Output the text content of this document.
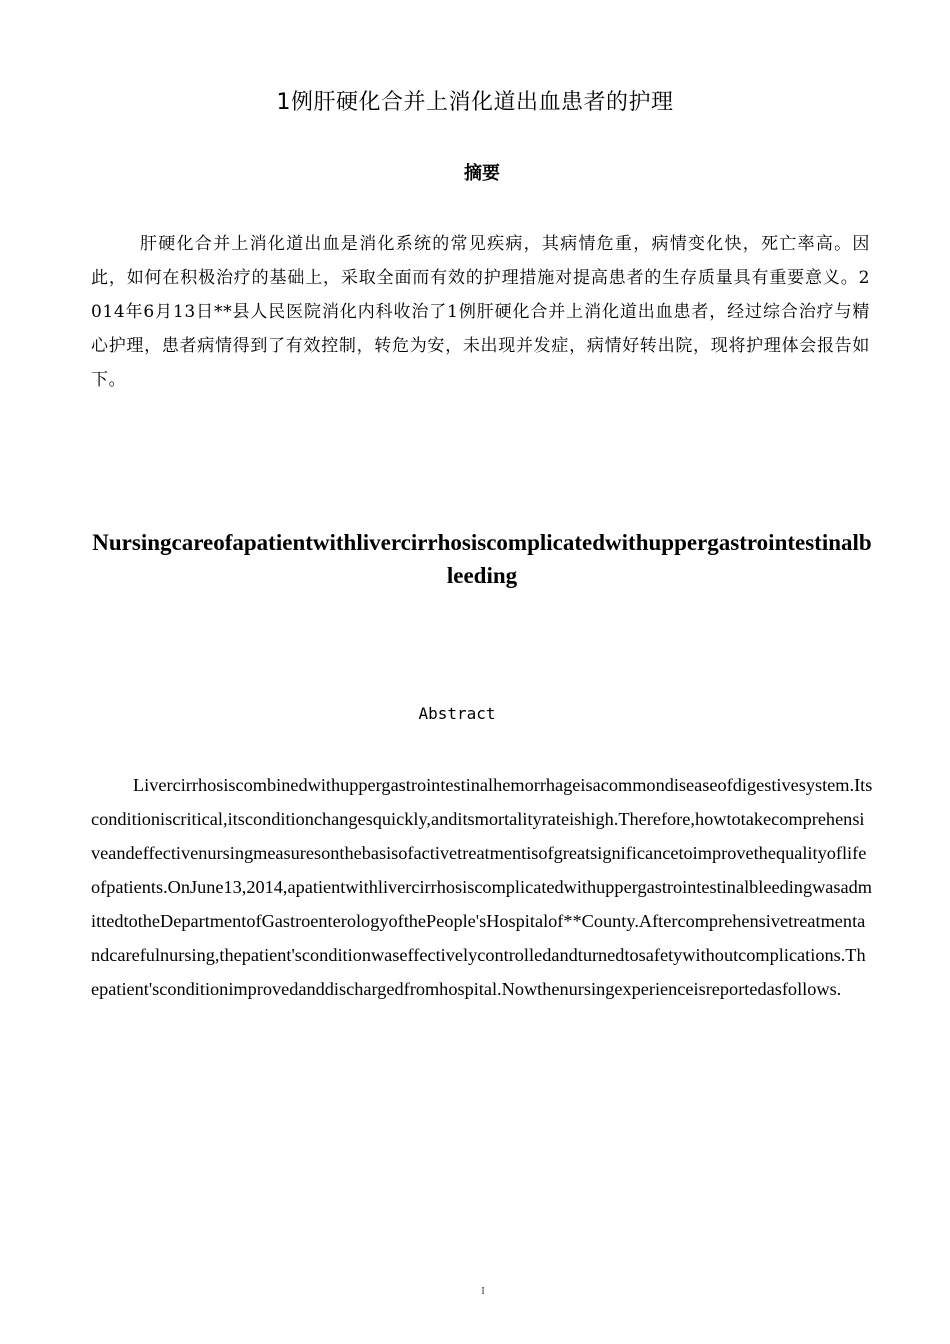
1例肝硬化合并上消化道出血患者的护理
摘要

肝硬化合并上消化道出血是消化系统的常见疾病，其病情危重，病情变化快，死亡率高。因此，如何在积极治疗的基础上，采取全面而有效的护理措施对提高患者的生存质量具有重要意义。2014年6月13日**县人民医院消化内科收治了1例肝硬化合并上消化道出血患者，经过综合治疗与精心护理，患者病情得到了有效控制，转危为安，未出现并发症，病情好转出院，现将护理体会报告如下。

Nursingcareofapatientwithlivercirrhosiscomplicatedwithuppergastrointestinalbleeding

Abstract

Livercirrhosiscombinedwithuppergastrointestinalhemorrhageisacommondiseaseofdigestivesystem.Itsconditioniscritical,itsconditionchangesquickly,anditsmortalityrateishigh.Therefore,howtotakecomprehensiveandeffectivenursingmeasuresonthebasisofactivetreatmentisofgreatsignificancetoimprovethequalityoflifeofpatients.OnJune13,2014,apatientwithlivercirrhosiscomplicatedwithuppergastrointestinalbleedingwasadmittedtotheDepartmentofGastroenterologyofthePeople'sHospitalof**County.Aftercomprehensivetreatmentandcarefulnursing,thepatient'sconditionwaseffectivelycontrolledandturnedtosafetywithoutcomplications.Thepatient'sconditionimprovedanddischargedfromhospital.Nowthenursingexperienceisreportedasfollows.

I
